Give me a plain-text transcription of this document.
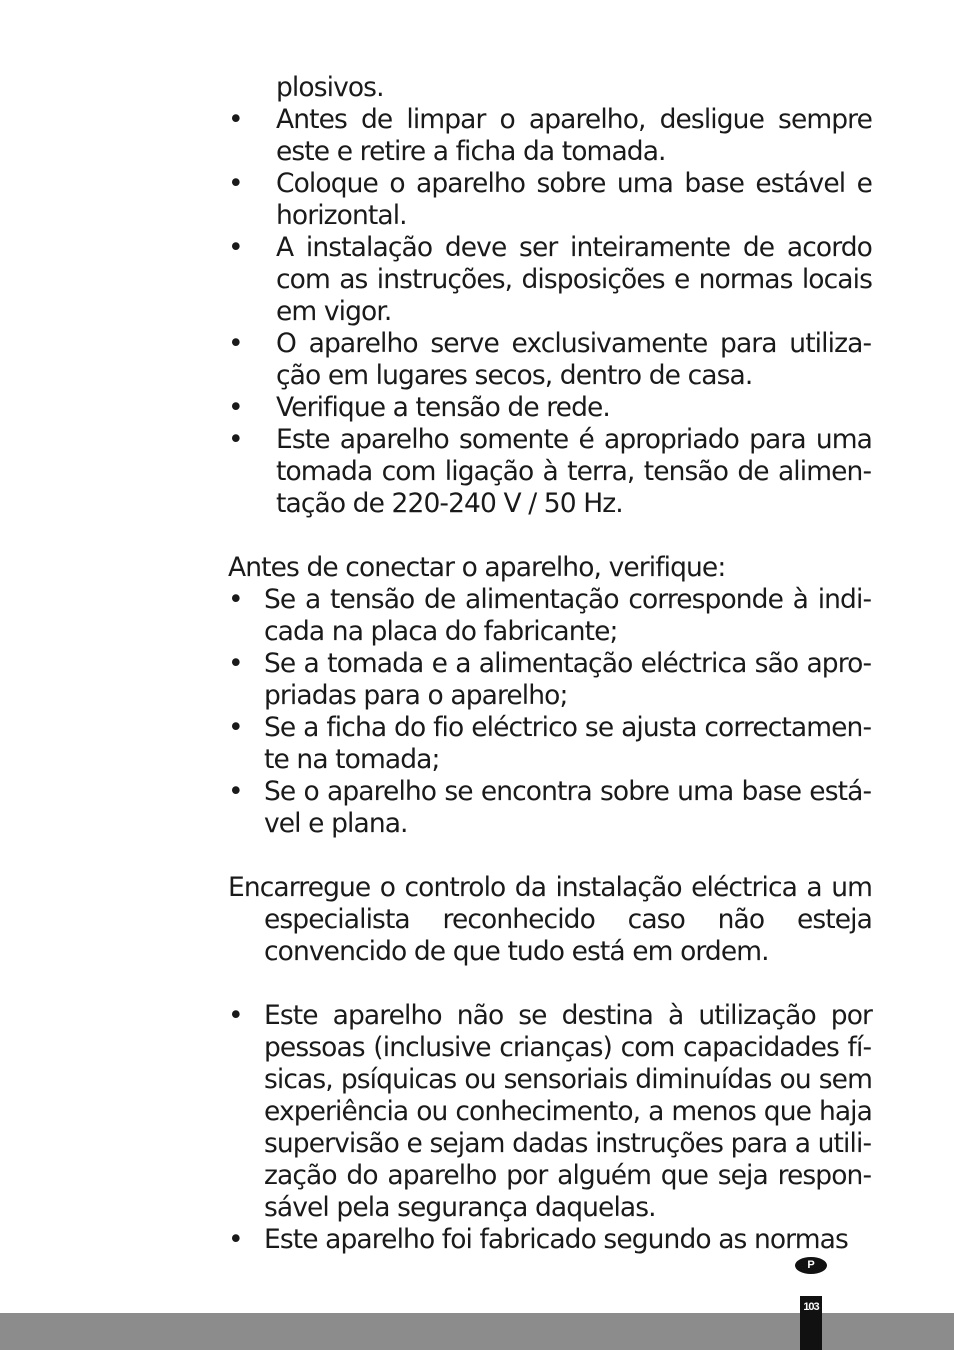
plosivos.

• Antes de limpar o aparelho, desligue sempre este e retire a ficha da tomada.

• Coloque o aparelho sobre uma base estável e horizontal.

• A instalação deve ser inteiramente de acordo com as instruções, disposições e normas locais em vigor.

• O aparelho serve exclusivamente para utilização em lugares secos, dentro de casa.

• Verifique a tensão de rede.

• Este aparelho somente é apropriado para uma tomada com ligação à terra, tensão de alimentação de 220-240 V / 50 Hz.

Antes de conectar o aparelho, verifique:

• Se a tensão de alimentação corresponde à indicada na placa do fabricante;

• Se a tomada e a alimentação eléctrica são apropriadas para o aparelho;

• Se a ficha do fio eléctrico se ajusta correctamente na tomada;

• Se o aparelho se encontra sobre uma base estável e plana.

Encarregue o controlo da instalação eléctrica a um especialista reconhecido caso não esteja convencido de que tudo está em ordem.

• Este aparelho não se destina à utilização por pessoas (inclusive crianças) com capacidades físicas, psíquicas ou sensoriais diminuídas ou sem experiência ou conhecimento, a menos que haja supervisão e sejam dadas instruções para a utilização do aparelho por alguém que seja responsável pela segurança daquelas.

• Este aparelho foi fabricado segundo as normas

P
103
